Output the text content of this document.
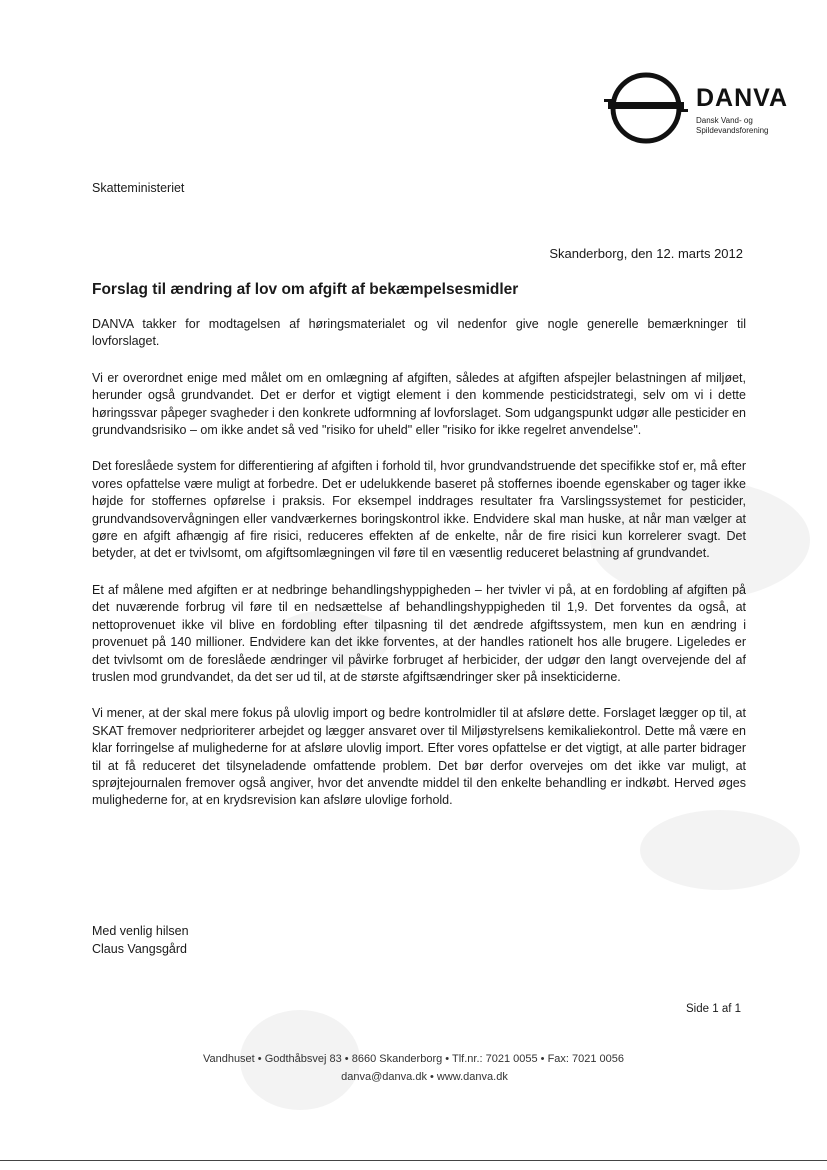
DANVA
Dansk Vand- og
Spildevandsforening
Skatteministeriet
Skanderborg, den 12. marts 2012
Forslag til ændring af lov om afgift af bekæmpelsesmidler

DANVA takker for modtagelsen af høringsmaterialet og vil nedenfor give nogle generelle bemærkninger til lovforslaget.

Vi er overordnet enige med målet om en omlægning af afgiften, således at afgiften afspejler belastningen af miljøet, herunder også grundvandet. Det er derfor et vigtigt element i den kommende pesticidstrategi, selv om vi i dette høringssvar påpeger svagheder i den konkrete udformning af lovforslaget. Som udgangspunkt udgør alle pesticider en grundvandsrisiko – om ikke andet så ved "risiko for uheld" eller "risiko for ikke regelret anvendelse".

Det foreslåede system for differentiering af afgiften i forhold til, hvor grundvandstruende det specifikke stof er, må efter vores opfattelse være muligt at forbedre. Det er udelukkende baseret på stoffernes iboende egenskaber og tager ikke højde for stoffernes opførelse i praksis. For eksempel inddrages resultater fra Varslingssystemet for pesticider, grundvandsovervågningen eller vandværkernes boringskontrol ikke. Endvidere skal man huske, at når man vælger at gøre en afgift afhængig af fire risici, reduceres effekten af de enkelte, når de fire risici kun korrelerer svagt. Det betyder, at det er tvivlsomt, om afgiftsomlægningen vil føre til en væsentlig reduceret belastning af grundvandet.

Et af målene med afgiften er at nedbringe behandlingshyppigheden – her tvivler vi på, at en fordobling af afgiften på det nuværende forbrug vil føre til en nedsættelse af behandlingshyppigheden til 1,9. Det forventes da også, at nettoprovenuet ikke vil blive en fordobling efter tilpasning til det ændrede afgiftssystem, men kun en ændring i provenuet på 140 millioner. Endvidere kan det ikke forventes, at der handles rationelt hos alle brugere. Ligeledes er det tvivlsomt om de foreslåede ændringer vil påvirke forbruget af herbicider, der udgør den langt overvejende del af truslen mod grundvandet, da det ser ud til, at de største afgiftsændringer sker på insekticiderne.

Vi mener, at der skal mere fokus på ulovlig import og bedre kontrolmidler til at afsløre dette. Forslaget lægger op til, at SKAT fremover nedprioriterer arbejdet og lægger ansvaret over til Miljøstyrelsens kemikaliekontrol. Dette må være en klar forringelse af mulighederne for at afsløre ulovlig import. Efter vores opfattelse er det vigtigt, at alle parter bidrager til at få reduceret det tilsyneladende omfattende problem. Det bør derfor overvejes om det ikke var muligt, at sprøjtejournalen fremover også angiver, hvor det anvendte middel til den enkelte behandling er indkøbt. Herved øges mulighederne for, at en krydsrevision kan afsløre ulovlige forhold.

Med venlig hilsen
Claus Vangsgård
Side 1 af 1
Vandhuset • Godthåbsvej 83 • 8660 Skanderborg • Tlf.nr.: 7021 0055 • Fax: 7021 0056
danva@danva.dk • www.danva.dk
